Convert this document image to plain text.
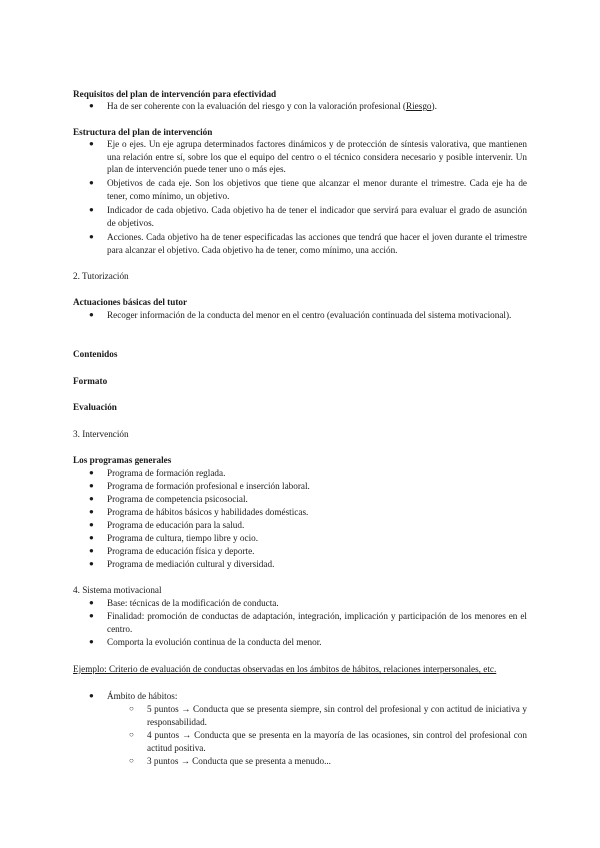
Requisitos del plan de intervención para efectividad
● Ha de ser coherente con la evaluación del riesgo y con la valoración profesional (Riesgo).
Estructura del plan de intervención
● Eje o ejes. Un eje agrupa determinados factores dinámicos y de protección de síntesis valorativa, que mantienen una relación entre sí, sobre los que el equipo del centro o el técnico considera necesario y posible intervenir. Un plan de intervención puede tener uno o más ejes.
● Objetivos de cada eje. Son los objetivos que tiene que alcanzar el menor durante el trimestre. Cada eje ha de tener, como mínimo, un objetivo.
● Indicador de cada objetivo. Cada objetivo ha de tener el indicador que servirá para evaluar el grado de asunción de objetivos.
● Acciones. Cada objetivo ha de tener especificadas las acciones que tendrá que hacer el joven durante el trimestre para alcanzar el objetivo. Cada objetivo ha de tener, como mínimo, una acción.
2. Tutorización
Actuaciones básicas del tutor
● Recoger información de la conducta del menor en el centro (evaluación continuada del sistema motivacional).
Contenidos
Formato
Evaluación
3. Intervención
Los programas generales
● Programa de formación reglada.
● Programa de formación profesional e inserción laboral.
● Programa de competencia psicosocial.
● Programa de hábitos básicos y habilidades domésticas.
● Programa de educación para la salud.
● Programa de cultura, tiempo libre y ocio.
● Programa de educación física y deporte.
● Programa de mediación cultural y diversidad.
4. Sistema motivacional
● Base: técnicas de la modificación de conducta.
● Finalidad: promoción de conductas de adaptación, integración, implicación y participación de los menores en el centro.
● Comporta la evolución continua de la conducta del menor.
Ejemplo: Criterio de evaluación de conductas observadas en los ámbitos de hábitos, relaciones interpersonales, etc.
● Ámbito de hábitos:
○ 5 puntos → Conducta que se presenta siempre, sin control del profesional y con actitud de iniciativa y responsabilidad.
○ 4 puntos → Conducta que se presenta en la mayoría de las ocasiones, sin control del profesional con actitud positiva.
○ 3 puntos → Conducta que se presenta a menudo...
